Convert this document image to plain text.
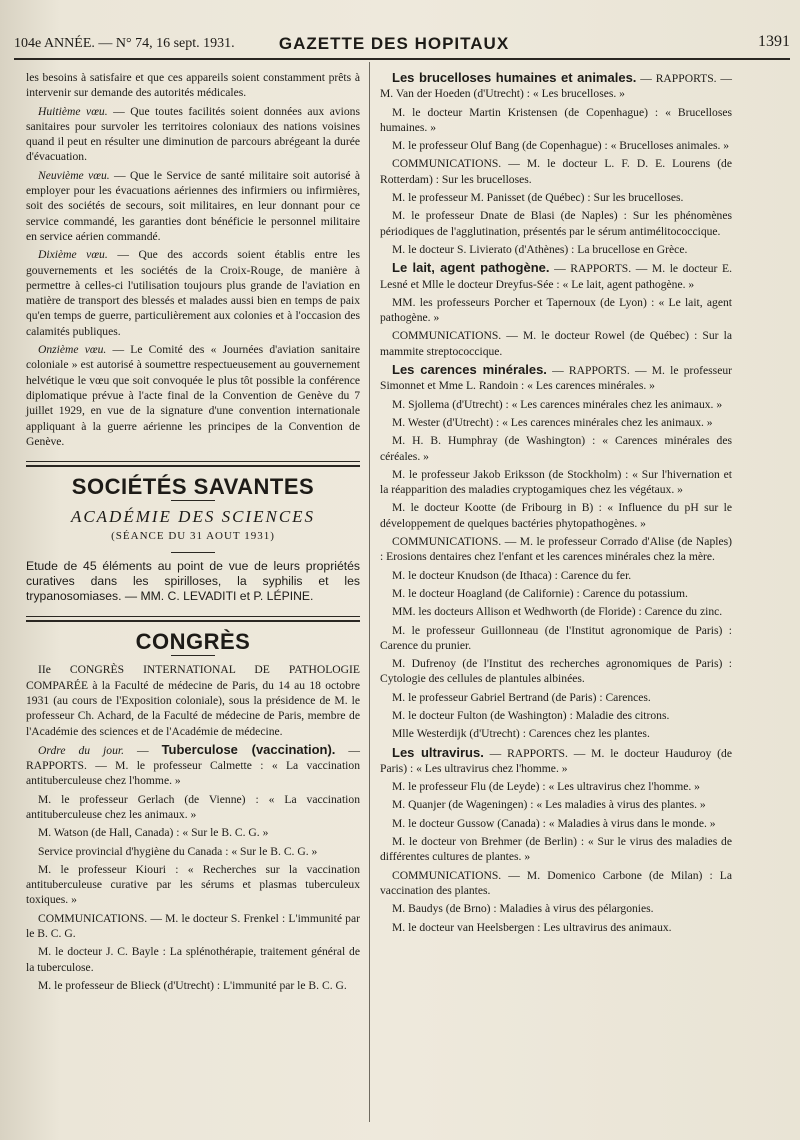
104e ANNÉE. — N° 74, 16 sept. 1931.	GAZETTE DES HOPITAUX	1391

les besoins à satisfaire et que ces appareils soient constamment prêts à intervenir sur demande des autorités médicales.

Huitième vœu. — Que toutes facilités soient données aux avions sanitaires pour survoler les territoires coloniaux des nations voisines quand il peut en résulter une diminution de parcours abrégeant la durée d'évacuation.

Neuvième vœu. — Que le Service de santé militaire soit autorisé à employer pour les évacuations aériennes des infirmiers ou infirmières, soit des sociétés de secours, soit militaires, en leur donnant pour ce service commandé, les garanties dont bénéficie le personnel militaire en service aérien commandé.

Dixième vœu. — Que des accords soient établis entre les gouvernements et les sociétés de la Croix-Rouge, de manière à permettre à celles-ci l'utilisation toujours plus grande de l'aviation en matière de transport des blessés et malades aussi bien en temps de paix qu'en temps de guerre, particulièrement aux colonies et à l'occasion des calamités publiques.

Onzième vœu. — Le Comité des « Journées d'aviation sanitaire coloniale » est autorisé à soumettre respectueusement au gouvernement helvétique le vœu que soit convoquée le plus tôt possible la conférence diplomatique prévue à l'acte final de la Convention de Genève du 7 juillet 1929, en vue de la signature d'une convention internationale appliquant à la guerre aérienne les principes de la Convention de Genève.

SOCIÉTÉS SAVANTES
ACADÉMIE DES SCIENCES
(SÉANCE DU 31 AOUT 1931)

Etude de 45 éléments au point de vue de leurs propriétés curatives dans les spirilloses, la syphilis et les trypanosomiases. — MM. C. LEVADITI et P. LÉPINE.

CONGRÈS

IIe CONGRÈS INTERNATIONAL DE PATHOLOGIE COMPARÉE à la Faculté de médecine de Paris, du 14 au 18 octobre 1931 (au cours de l'Exposition coloniale), sous la présidence de M. le professeur Ch. Achard, de la Faculté de médecine de Paris, membre de l'Académie des sciences et de l'Académie de médecine.

Ordre du jour. — Tuberculose (vaccination). — RAPPORTS. — M. le professeur Calmette : « La vaccination antituberculeuse chez l'homme. »

M. le professeur Gerlach (de Vienne) : « La vaccination antituberculeuse chez les animaux. »

M. Watson (de Hall, Canada) : « Sur le B. C. G. »

Service provincial d'hygiène du Canada : « Sur le B. C. G. »

M. le professeur Kiouri : « Recherches sur la vaccination antituberculeuse curative par les sérums et plasmas tuberculeux toxiques. »

COMMUNICATIONS. — M. le docteur S. Frenkel : L'immunité par le B. C. G.

M. le docteur J. C. Bayle : La splénothérapie, traitement général de la tuberculose.

M. le professeur de Blieck (d'Utrecht) : L'immunité par le B. C. G.

Les brucelloses humaines et animales. — RAPPORTS. — M. Van der Hoeden (d'Utrecht) : « Les brucelloses. »

M. le docteur Martin Kristensen (de Copenhague) : « Brucelloses humaines. »

M. le professeur Oluf Bang (de Copenhague) : « Brucelloses animales. »

COMMUNICATIONS. — M. le docteur L. F. D. E. Lourens (de Rotterdam) : Sur les brucelloses.

M. le professeur M. Panisset (de Québec) : Sur les brucelloses.

M. le professeur Dnate de Blasi (de Naples) : Sur les phénomènes périodiques de l'agglutination, présentés par le sérum antimélitococcique.

M. le docteur S. Livierato (d'Athènes) : La brucellose en Grèce.

Le lait, agent pathogène. — RAPPORTS. — M. le docteur E. Lesné et Mlle le docteur Dreyfus-Sée : « Le lait, agent pathogène. »

MM. les professeurs Porcher et Tapernoux (de Lyon) : « Le lait, agent pathogène. »

COMMUNICATIONS. — M. le docteur Rowel (de Québec) : Sur la mammite streptococcique.

Les carences minérales. — RAPPORTS. — M. le professeur Simonnet et Mme L. Randoin : « Les carences minérales. »

M. Sjollema (d'Utrecht) : « Les carences minérales chez les animaux. »

M. Wester (d'Utrecht) : « Les carences minérales chez les animaux. »

M. H. B. Humphray (de Washington) : « Carences minérales des céréales. »

M. le professeur Jakob Eriksson (de Stockholm) : « Sur l'hivernation et la réapparition des maladies cryptogamiques chez les végétaux. »

M. le docteur Kootte (de Fribourg in B) : « Influence du pH sur le développement de quelques bactéries phytopathogènes. »

COMMUNICATIONS. — M. le professeur Corrado d'Alise (de Naples) : Erosions dentaires chez l'enfant et les carences minérales chez la mère.

M. le docteur Knudson (de Ithaca) : Carence du fer.

M. le docteur Hoagland (de Californie) : Carence du potassium.

MM. les docteurs Allison et Wedhworth (de Floride) : Carence du zinc.

M. le professeur Guillonneau (de l'Institut agronomique de Paris) : Carence du prunier.

M. Dufrenoy (de l'Institut des recherches agronomiques de Paris) : Cytologie des cellules de plantules albinées.

M. le professeur Gabriel Bertrand (de Paris) : Carences.

M. le docteur Fulton (de Washington) : Maladie des citrons.

Mlle Westerdijk (d'Utrecht) : Carences chez les plantes.

Les ultravirus. — RAPPORTS. — M. le docteur Hauduroy (de Paris) : « Les ultravirus chez l'homme. »

M. le professeur Flu (de Leyde) : « Les ultravirus chez l'homme. »

M. Quanjer (de Wageningen) : « Les maladies à virus des plantes. »

M. le docteur Gussow (Canada) : « Maladies à virus dans le monde. »

M. le docteur von Brehmer (de Berlin) : « Sur le virus des maladies de différentes cultures de plantes. »

COMMUNICATIONS. — M. Domenico Carbone (de Milan) : La vaccination des plantes.

M. Baudys (de Brno) : Maladies à virus des pélargonies.

M. le docteur van Heelsbergen : Les ultravirus des animaux.
